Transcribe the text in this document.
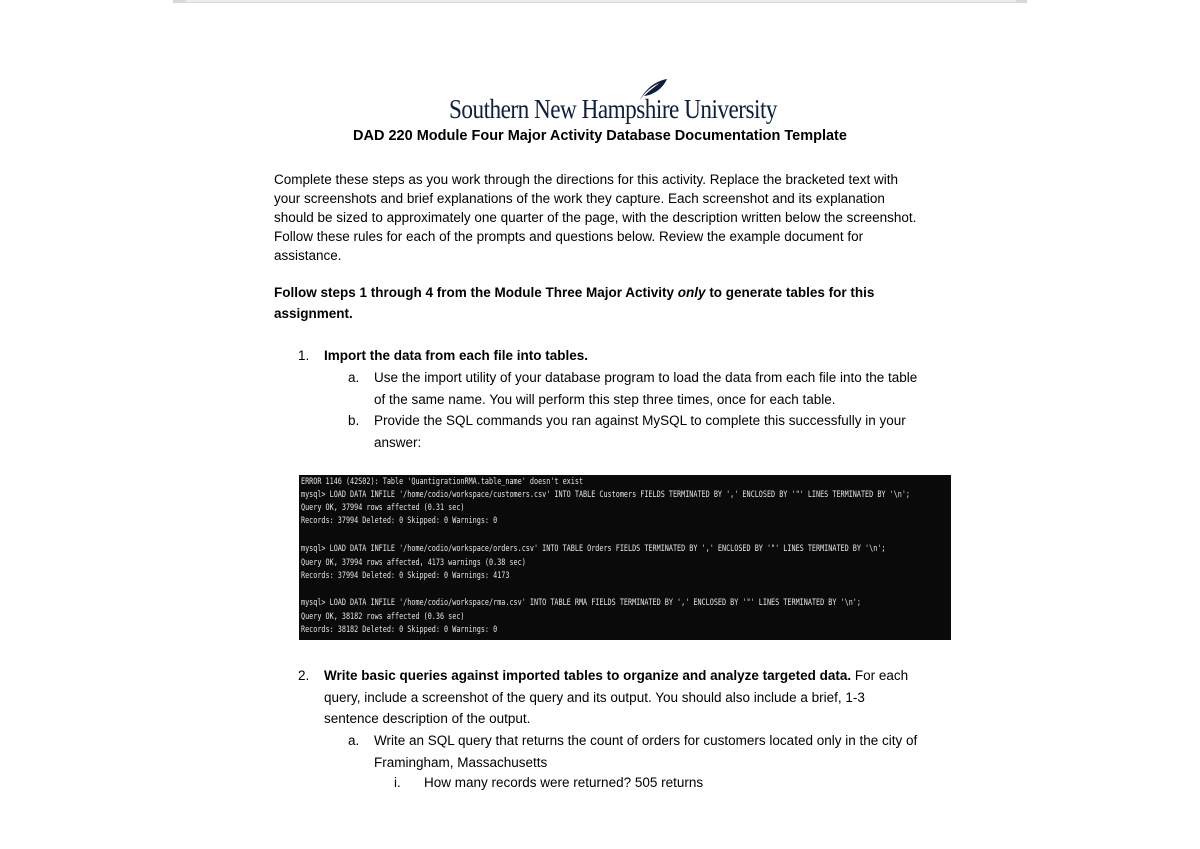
Southern New Hampshire University
DAD 220 Module Four Major Activity Database Documentation Template
Complete these steps as you work through the directions for this activity. Replace the bracketed text with your screenshots and brief explanations of the work they capture. Each screenshot and its explanation should be sized to approximately one quarter of the page, with the description written below the screenshot. Follow these rules for each of the prompts and questions below. Review the example document for assistance.
Follow steps 1 through 4 from the Module Three Major Activity only to generate tables for this assignment.
1. Import the data from each file into tables.
a. Use the import utility of your database program to load the data from each file into the table of the same name. You will perform this step three times, once for each table.
b. Provide the SQL commands you ran against MySQL to complete this successfully in your answer:
ERROR 1146 (42S02): Table 'QuantigrationRMA.table_name' doesn't exist
mysql> LOAD DATA INFILE '/home/codio/workspace/customers.csv' INTO TABLE Customers FIELDS TERMINATED BY ',' ENCLOSED BY '"' LINES TERMINATED BY '\n';
Query OK, 37994 rows affected (0.31 sec)
Records: 37994 Deleted: 0 Skipped: 0 Warnings: 0
mysql> LOAD DATA INFILE '/home/codio/workspace/orders.csv' INTO TABLE Orders FIELDS TERMINATED BY ',' ENCLOSED BY '"' LINES TERMINATED BY '\n';
Query OK, 37994 rows affected, 4173 warnings (0.38 sec)
Records: 37994 Deleted: 0 Skipped: 0 Warnings: 4173
mysql> LOAD DATA INFILE '/home/codio/workspace/rma.csv' INTO TABLE RMA FIELDS TERMINATED BY ',' ENCLOSED BY '"' LINES TERMINATED BY '\n';
Query OK, 38182 rows affected (0.36 sec)
Records: 38182 Deleted: 0 Skipped: 0 Warnings: 0
2. Write basic queries against imported tables to organize and analyze targeted data. For each query, include a screenshot of the query and its output. You should also include a brief, 1-3 sentence description of the output.
a. Write an SQL query that returns the count of orders for customers located only in the city of Framingham, Massachusetts
i. How many records were returned? 505 returns
